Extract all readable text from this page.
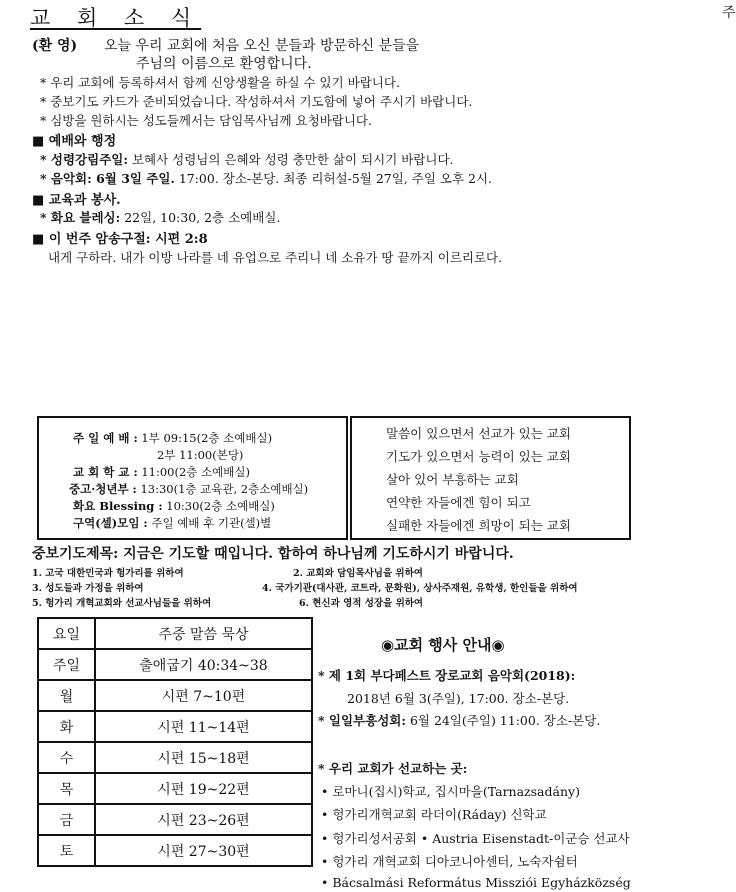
교 회 소 식	주
(환 영) 오늘 우리 교회에 처음 오신 분들과 방문하신 분들을
주님의 이름으로 환영합니다.
* 우리 교회에 등록하셔서 함께 신앙생활을 하실 수 있기 바랍니다.
* 중보기도 카드가 준비되었습니다. 작성하셔서 기도함에 넣어 주시기 바랍니다.
* 심방을 원하시는 성도들께서는 담임목사님께 요청바랍니다.
■ 예배와 행정
* 성령강림주일: 보혜사 성령님의 은혜와 성령 충만한 삶이 되시기 바랍니다.
* 음악회: 6월 3일 주일. 17:00. 장소-본당. 최종 리허설-5월 27일, 주일 오후 2시.
■ 교육과 봉사.
* 화요 블레싱: 22일, 10:30, 2층 소예배실.
■ 이 번주 암송구절: 시편 2:8
내게 구하라. 내가 이방 나라를 네 유업으로 주리니 네 소유가 땅 끝까지 이르리로다.
주 일 예 배 : 1부 09:15(2층 소예배실)
2부 11:00(본당)
교 회 학 교 : 11:00(2층 소예배실)
중고·청년부 : 13:30(1층 교육관, 2층소예배실)
화요 Blessing : 10:30(2층 소예배실)
구역(셀)모임 : 주일 예배 후 기관(셀)별
말씀이 있으면서 선교가 있는 교회
기도가 있으면서 능력이 있는 교회
살아 있어 부흥하는 교회
연약한 자들에겐 힘이 되고
실패한 자들에겐 희망이 되는 교회
중보기도제목: 지금은 기도할 때입니다. 합하여 하나님께 기도하시기 바랍니다.
1. 고국 대한민국과 헝가리를 위하여	2. 교회와 담임목사님을 위하여
3. 성도들과 가정을 위하여	4. 국가기관(대사관, 코트라, 문화원), 상사주재원, 유학생, 한인들을 위하여
5. 헝가리 개혁교회와 선교사님들을 위하여	6. 현신과 영적 성장을 위하여
요일	주중 말씀 묵상
주일	출애굽기 40:34~38
월	시편 7~10편
화	시편 11~14편
수	시편 15~18편
목	시편 19~22편
금	시편 23~26편
토	시편 27~30편
◉교회 행사 안내◉
* 제 1회 부다페스트 장로교회 음악회(2018):
2018년 6월 3(주일), 17:00. 장소-본당.
* 일일부흥성회: 6월 24일(주일) 11:00. 장소-본당.
* 우리 교회가 선교하는 곳:
• 로마니(집시)학교, 집시마을(Tarnazsadány)
• 헝가리개혁교회 라더이(Ráday) 신학교
• 헝가리성서공회 • Austria Eisenstadt-이군승 선교사
• 헝가리 개혁교회 디아코니아센터, 노숙자쉼터
• Bácsalmási Református Missziói Egyházközség
